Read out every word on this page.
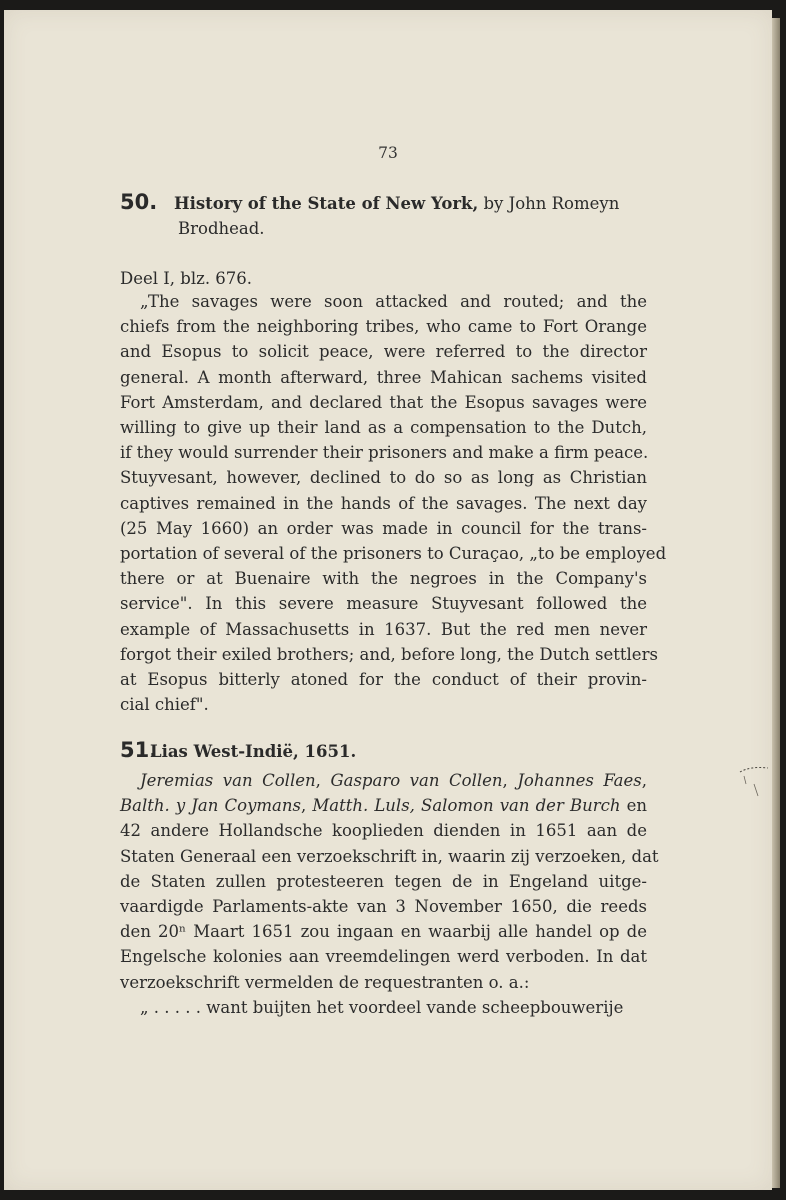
73
50. History of the State of New York, by John Romeyn
Brodhead.
Deel I, blz. 676.
„The savages were soon attacked and routed; and the
chiefs from the neighboring tribes, who came to Fort Orange
and Esopus to solicit peace, were referred to the director
general. A month afterward, three Mahican sachems visited
Fort Amsterdam, and declared that the Esopus savages were
willing to give up their land as a compensation to the Dutch,
if they would surrender their prisoners and make a firm peace.
Stuyvesant, however, declined to do so as long as Christian
captives remained in the hands of the savages. The next day
(25 May 1660) an order was made in council for the trans-
portation of several of the prisoners to Curaçao, „to be employed
there or at Buenaire with the negroes in the Company's
service". In this severe measure Stuyvesant followed the
example of Massachusetts in 1637. But the red men never
forgot their exiled brothers; and, before long, the Dutch settlers
at Esopus bitterly atoned for the conduct of their provin-
cial chief".
51.Lias West-Indië, 1651.
Jeremias van Collen, Gasparo van Collen, Johannes Faes,
Balth. y Jan Coymans, Matth. Luls, Salomon van der Burch en
42 andere Hollandsche kooplieden dienden in 1651 aan de
Staten Generaal een verzoekschrift in, waarin zij verzoeken, dat
de Staten zullen protesteeren tegen de in Engeland uitge-
vaardigde Parlaments-akte van 3 November 1650, die reeds
den 20ⁿ Maart 1651 zou ingaan en waarbij alle handel op de
Engelsche kolonies aan vreemdelingen werd verboden. In dat
verzoekschrift vermelden de requestranten o. a.:
„ . . . . . want buijten het voordeel vande scheepbouwerije
